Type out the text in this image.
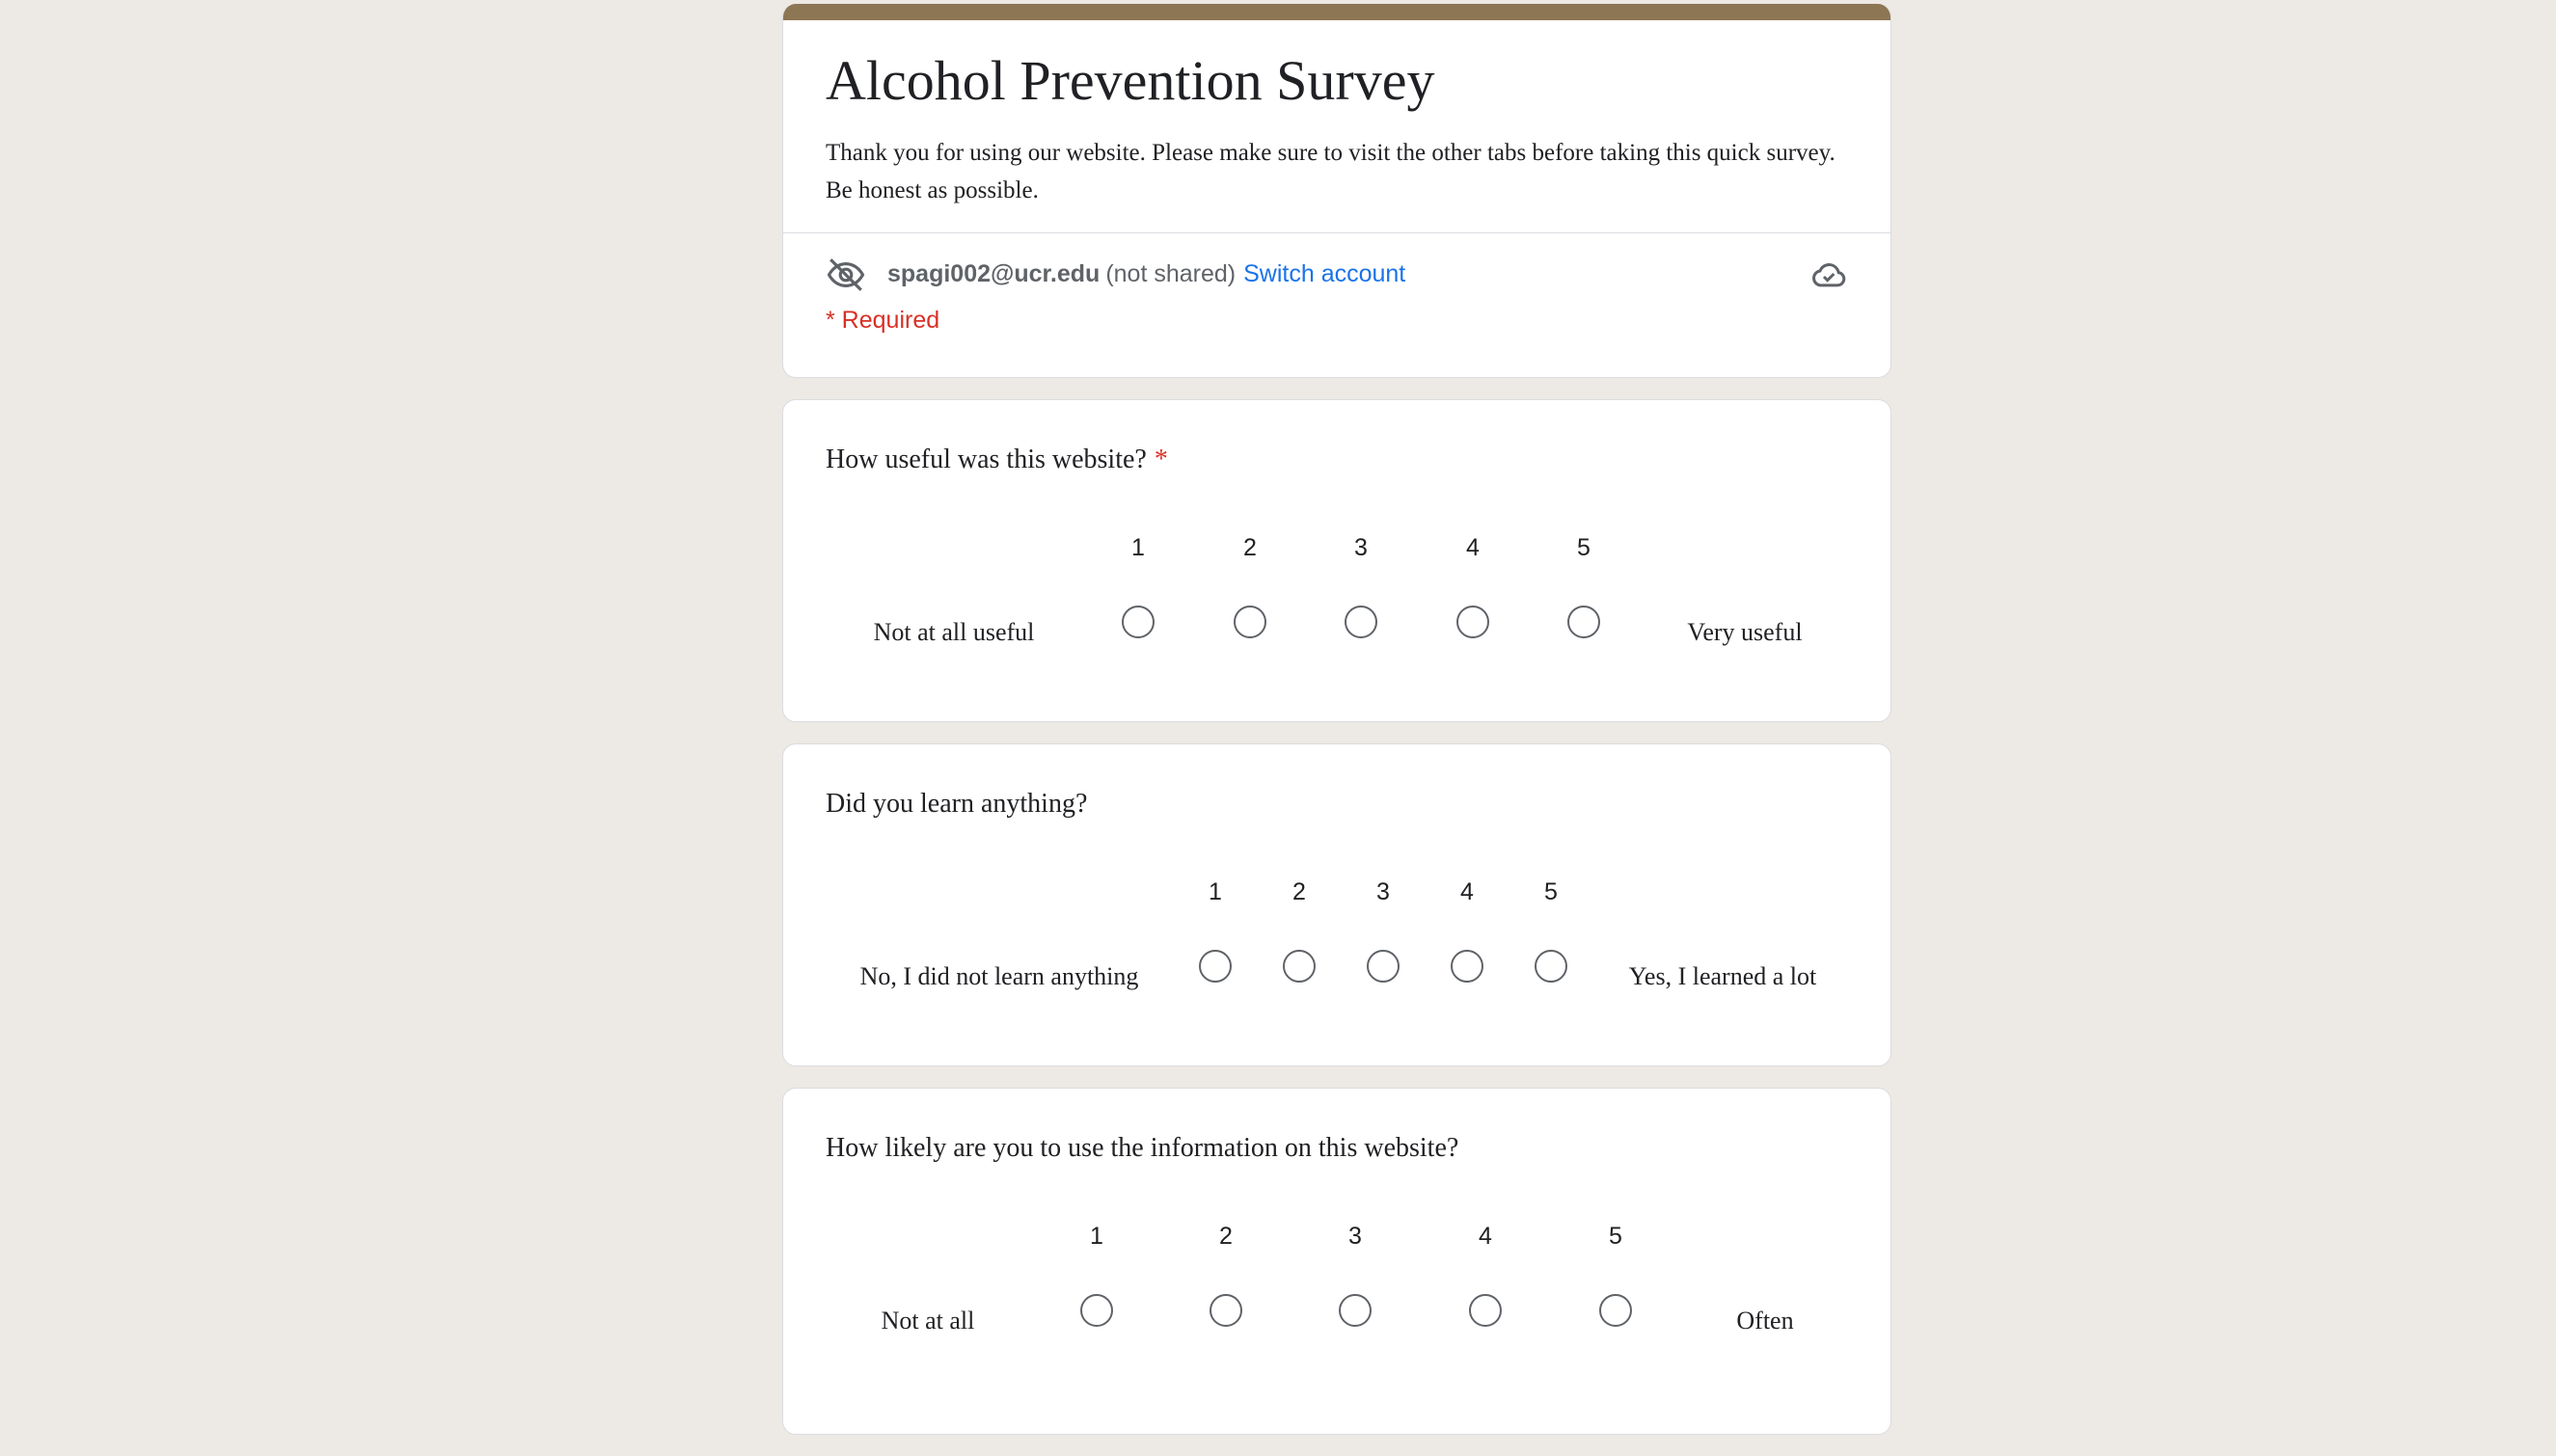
Alcohol Prevention Survey
Thank you for using our website. Please make sure to visit the other tabs before taking this quick survey. Be honest as possible.
spagi002@ucr.edu (not shared) Switch account
* Required
How useful was this website? *
Not at all useful
1	2	3	4	5
Very useful
Did you learn anything?
No, I did not learn anything
1	2	3	4	5
Yes, I learned a lot
How likely are you to use the information on this website?
Not at all
1	2	3	4	5
Often
